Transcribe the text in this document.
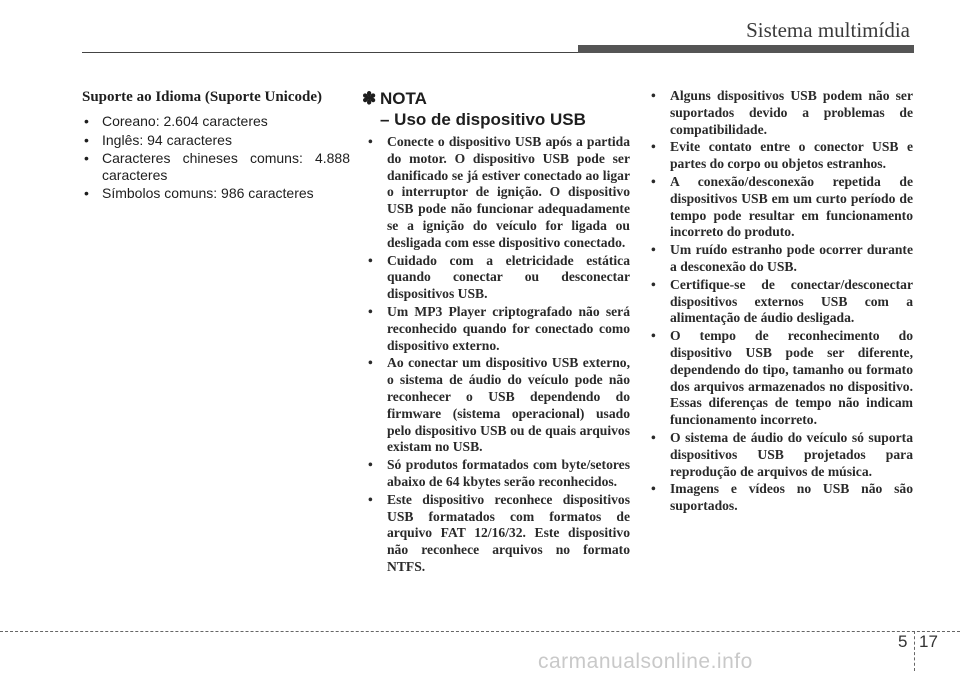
Sistema multimídia
Suporte ao Idioma (Suporte Unicode)
• Coreano: 2.604 caracteres
• Inglês: 94 caracteres
• Caracteres chineses comuns: 4.888 caracteres
• Símbolos comuns: 986 caracteres
✽ NOTA
– Uso de dispositivo USB
• Conecte o dispositivo USB após a partida do motor. O dispositivo USB pode ser danificado se já estiver conectado ao ligar o interruptor de ignição. O dispositivo USB pode não funcionar adequadamente se a ignição do veículo for ligada ou desligada com esse dispositivo conectado.
• Cuidado com a eletricidade estática quando conectar ou desconectar dispositivos USB.
• Um MP3 Player criptografado não será reconhecido quando for conectado como dispositivo externo.
• Ao conectar um dispositivo USB externo, o sistema de áudio do veículo pode não reconhecer o USB dependendo do firmware (sistema operacional) usado pelo dispositivo USB ou de quais arquivos existam no USB.
• Só produtos formatados com byte/setores abaixo de 64 kbytes serão reconhecidos.
• Este dispositivo reconhece dispositivos USB formatados com formatos de arquivo FAT 12/16/32. Este dispositivo não reconhece arquivos no formato NTFS.
• Alguns dispositivos USB podem não ser suportados devido a problemas de compatibilidade.
• Evite contato entre o conector USB e partes do corpo ou objetos estranhos.
• A conexão/desconexão repetida de dispositivos USB em um curto período de tempo pode resultar em funcionamento incorreto do produto.
• Um ruído estranho pode ocorrer durante a desconexão do USB.
• Certifique-se de conectar/desconectar dispositivos externos USB com a alimentação de áudio desligada.
• O tempo de reconhecimento do dispositivo USB pode ser diferente, dependendo do tipo, tamanho ou formato dos arquivos armazenados no dispositivo. Essas diferenças de tempo não indicam funcionamento incorreto.
• O sistema de áudio do veículo só suporta dispositivos USB projetados para reprodução de arquivos de música.
• Imagens e vídeos no USB não são suportados.
5 17
carmanualsonline.info
